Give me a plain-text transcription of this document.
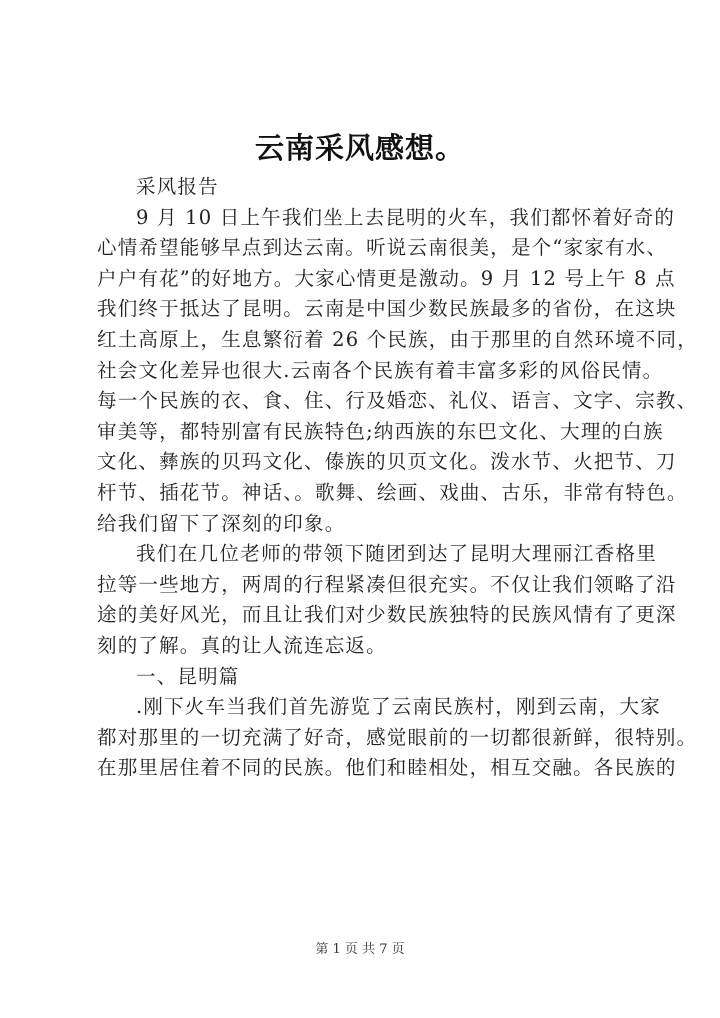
云南采风感想。
采风报告
9 月 10 日上午我们坐上去昆明的火车，我们都怀着好奇的
心情希望能够早点到达云南。听说云南很美，是个“家家有水、
户户有花”的好地方。大家心情更是激动。9 月 12 号上午 8 点
我们终于抵达了昆明。云南是中国少数民族最多的省份，在这块
红土高原上，生息繁衍着 26 个民族，由于那里的自然环境不同，
社会文化差异也很大.云南各个民族有着丰富多彩的风俗民情。
每一个民族的衣、食、住、行及婚恋、礼仪、语言、文字、宗教、
审美等，都特别富有民族特色;纳西族的东巴文化、大理的白族
文化、彝族的贝玛文化、傣族的贝页文化。泼水节、火把节、刀
杆节、插花节。神话、。歌舞、绘画、戏曲、古乐，非常有特色。
给我们留下了深刻的印象。
我们在几位老师的带领下随团到达了昆明大理丽江香格里
拉等一些地方，两周的行程紧凑但很充实。不仅让我们领略了沿
途的美好风光，而且让我们对少数民族独特的民族风情有了更深
刻的了解。真的让人流连忘返。
一、昆明篇
.刚下火车当我们首先游览了云南民族村，刚到云南，大家
都对那里的一切充满了好奇，感觉眼前的一切都很新鲜，很特别。
在那里居住着不同的民族。他们和睦相处，相互交融。各民族的
第 1 页 共 7 页
